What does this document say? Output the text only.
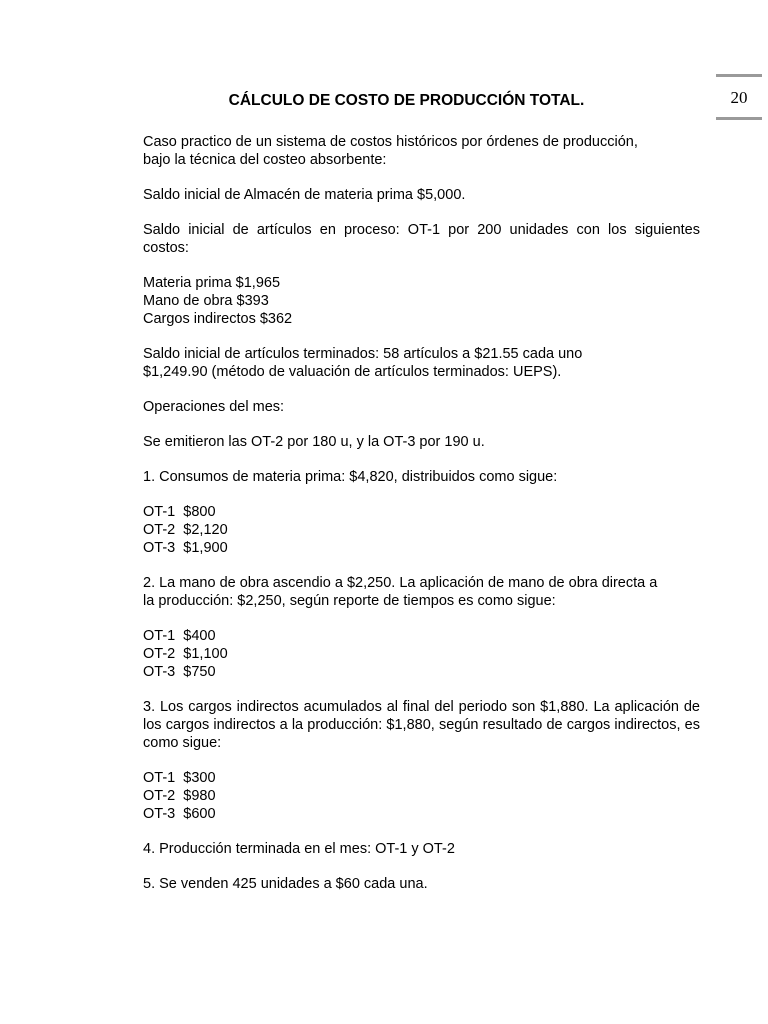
20
CÁLCULO DE COSTO DE PRODUCCIÓN TOTAL.

Caso practico de un sistema de costos históricos por órdenes de producción,
bajo la técnica del costeo absorbente:

Saldo inicial de Almacén de materia prima $5,000.

Saldo inicial de artículos en proceso: OT-1 por 200 unidades con los siguientes costos:

Materia prima $1,965
Mano de obra $393
Cargos indirectos $362

Saldo inicial de artículos terminados: 58 artículos a $21.55 cada uno
$1,249.90 (método de valuación de artículos terminados: UEPS).

Operaciones del mes:

Se emitieron las OT-2 por 180 u, y la OT-3 por 190 u.

1. Consumos de materia prima: $4,820, distribuidos como sigue:

OT-1  $800
OT-2  $2,120
OT-3  $1,900

2. La mano de obra ascendio a $2,250. La aplicación de mano de obra directa a
la producción: $2,250, según reporte de tiempos es como sigue:

OT-1  $400
OT-2  $1,100
OT-3  $750

3. Los cargos indirectos acumulados al final del periodo son $1,880. La aplicación de los cargos indirectos a la producción: $1,880, según resultado de cargos indirectos, es como sigue:

OT-1  $300
OT-2  $980
OT-3  $600

4. Producción terminada en el mes: OT-1 y OT-2

5. Se venden 425 unidades a $60 cada una.
